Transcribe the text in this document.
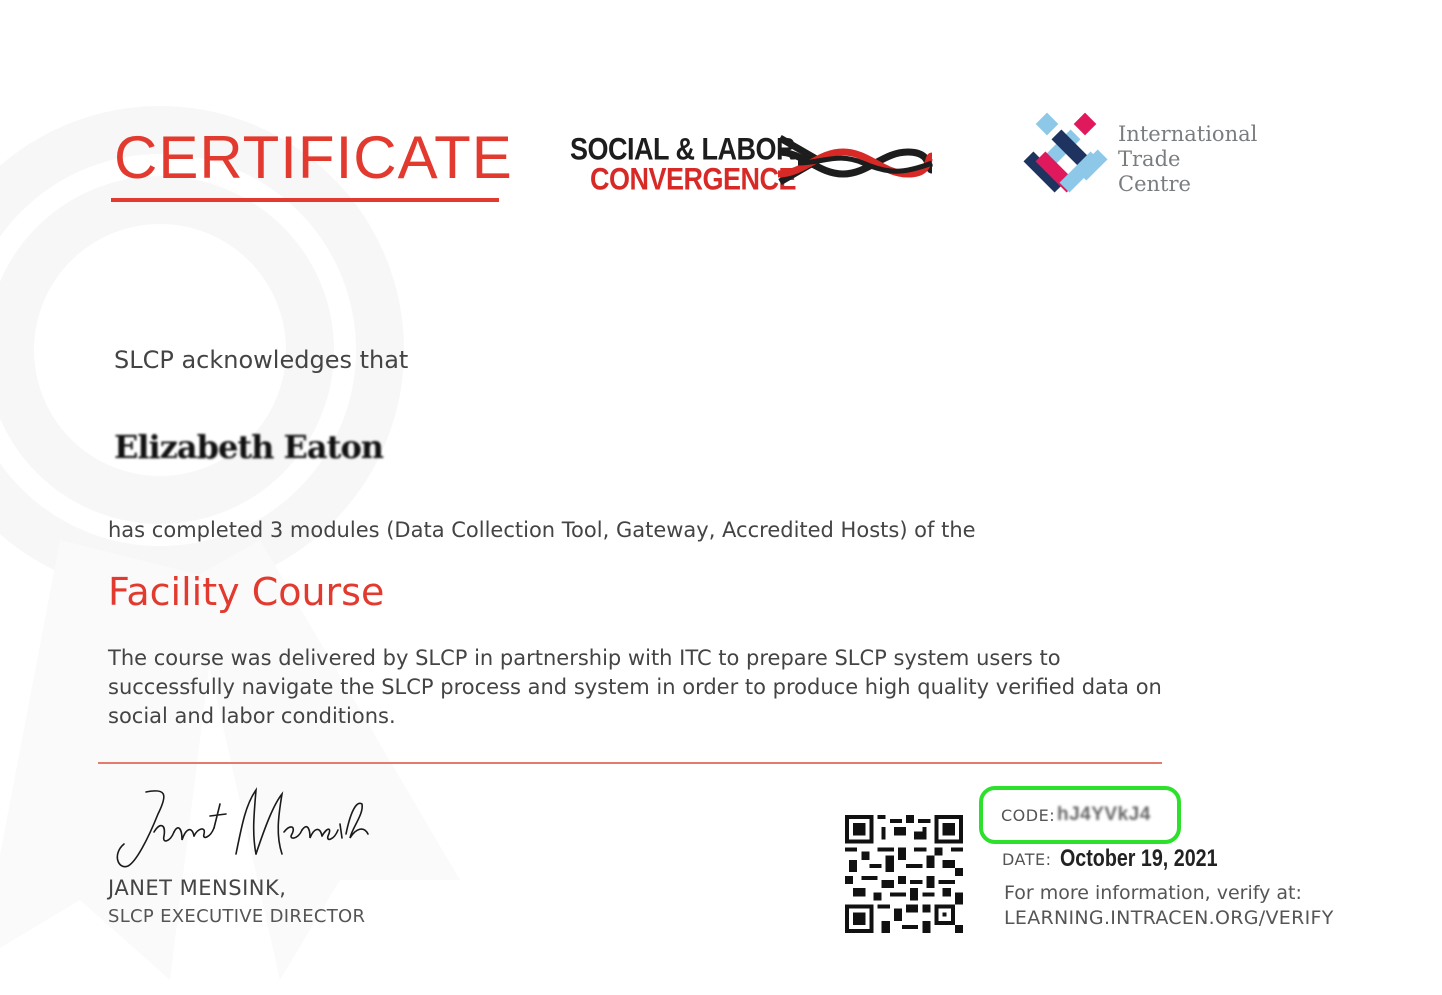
CERTIFICATE SOCIAL & LABOR
CONVERGENCE
International
Trade
Centre
SLCP acknowledges that
Elizabeth Eaton
has completed 3 modules (Data Collection Tool, Gateway, Accredited Hosts) of the
Facility Course
The course was delivered by SLCP in partnership with ITC to prepare SLCP system users to successfully navigate the SLCP process and system in order to produce high quality verified data on social and labor conditions.
JANET MENSINK,
SLCP EXECUTIVE DIRECTOR
CODE: hJ4YVkJ4
DATE: October 19, 2021
For more information, verify at:
LEARNING.INTRACEN.ORG/VERIFY
